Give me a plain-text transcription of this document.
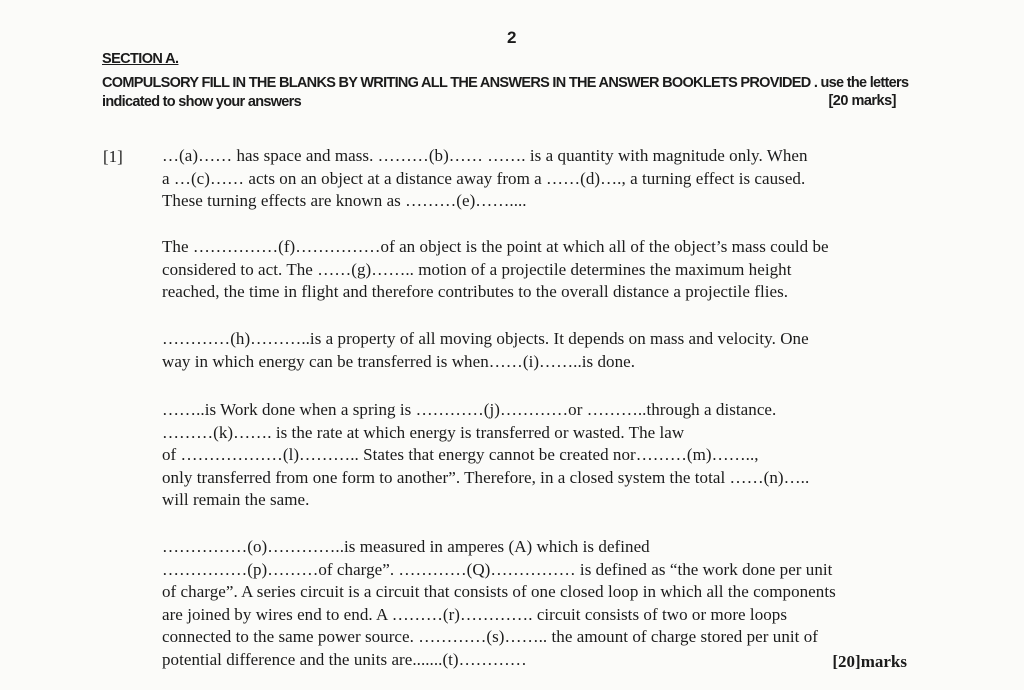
2
SECTION A.
COMPULSORY FILL IN THE BLANKS BY WRITING ALL THE ANSWERS IN THE ANSWER BOOKLETS PROVIDED . use the letters
indicated to show your answers	[20 marks]
[1] …(a)…… has space and mass. ………(b)…… ……. is a quantity with magnitude only. When
a …(c)…… acts on an object at a distance away from a ……(d)…., a turning effect is caused.
These turning effects are known as ………(e)……....
The ……………(f)……………of an object is the point at which all of the object’s mass could be
considered to act. The ……(g)…….. motion of a projectile determines the maximum height
reached, the time in flight and therefore contributes to the overall distance a projectile flies.
…………(h)………..is a property of all moving objects. It depends on mass and velocity. One
way in which energy can be transferred is when……(i)……..is done.
……..is Work done when a spring is …………(j)…………or ………..through a distance.
………(k)……. is the rate at which energy is transferred or wasted. The law
of ………………(l)……….. States that energy cannot be created nor………(m)……..,
only transferred from one form to another”. Therefore, in a closed system the total ……(n)…..
will remain the same.
……………(o)…………..is measured in amperes (A) which is defined
……………(p)………of charge”. …………(Q)…………… is defined as “the work done per unit
of charge”. A series circuit is a circuit that consists of one closed loop in which all the components
are joined by wires end to end. A ………(r)…………. circuit consists of two or more loops
connected to the same power source. …………(s)…….. the amount of charge stored per unit of
potential difference and the units are.......(t)…………	[20]marks
